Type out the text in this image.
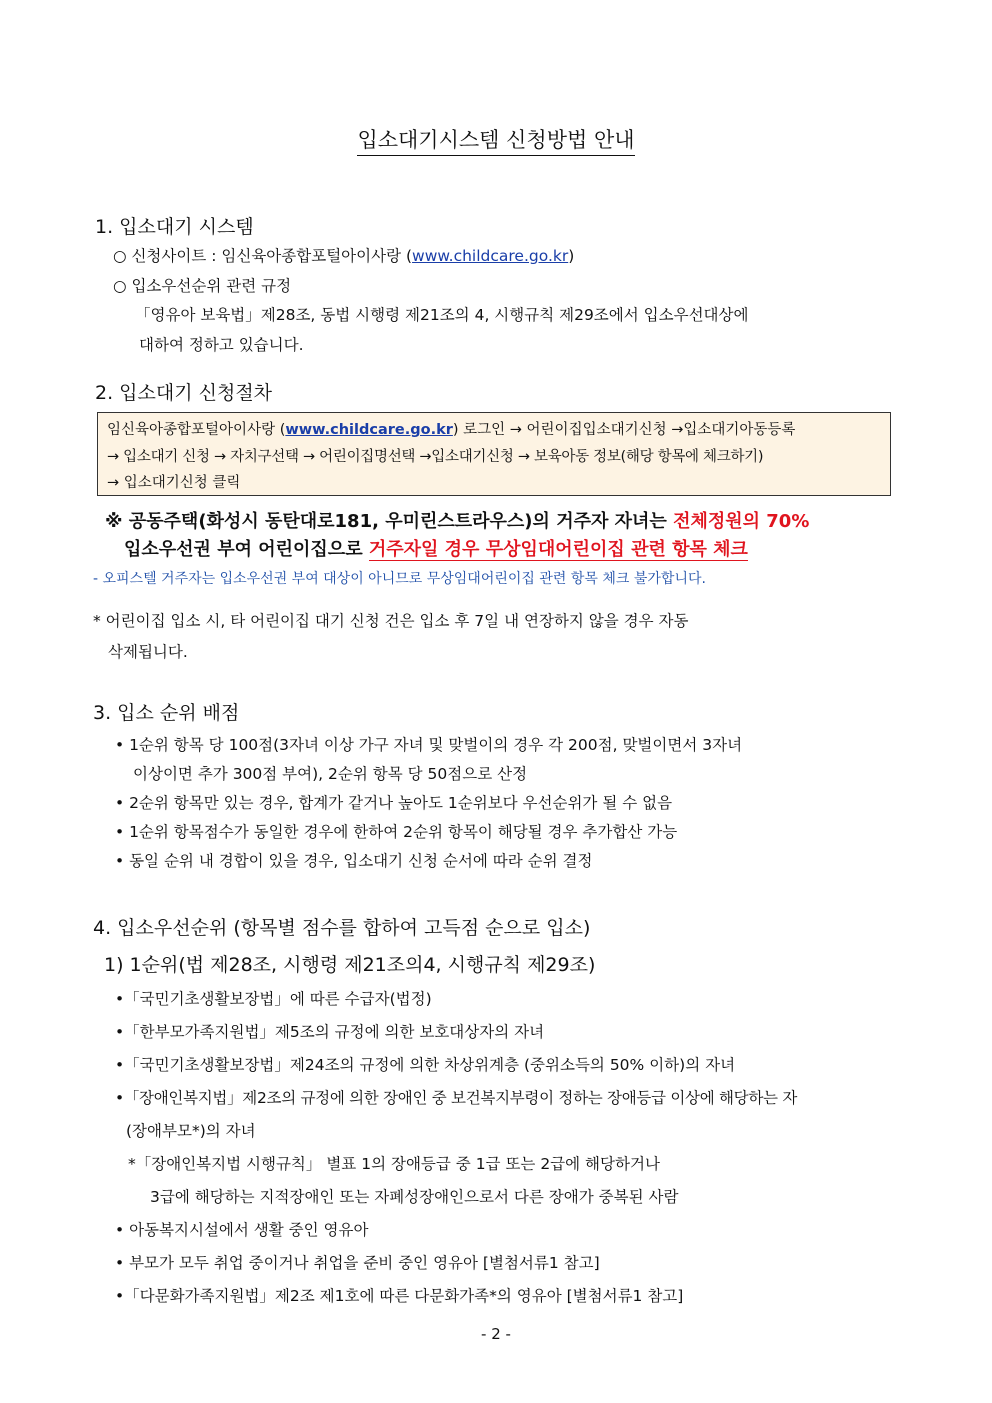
입소대기시스템 신청방법 안내
1. 입소대기 시스템
○ 신청사이트 : 임신육아종합포털아이사랑 (www.childcare.go.kr)
○ 입소우선순위 관련 규정
「영유아 보육법」제28조, 동법 시행령 제21조의 4, 시행규칙 제29조에서 입소우선대상에
대하여 정하고 있습니다.
2. 입소대기 신청절차
임신육아종합포털아이사랑 (www.childcare.go.kr) 로그인 → 어린이집입소대기신청 →입소대기아동등록
→ 입소대기 신청 → 자치구선택 → 어린이집명선택 →입소대기신청 → 보육아동 정보(해당 항목에 체크하기)
→ 입소대기신청 클릭
※ 공동주택(화성시 동탄대로181, 우미린스트라우스)의 거주자 자녀는 전체정원의 70%
입소우선권 부여 어린이집으로 거주자일 경우 무상임대어린이집 관련 항목 체크
- 오피스텔 거주자는 입소우선권 부여 대상이 아니므로 무상임대어린이집 관련 항목 체크 불가합니다.
* 어린이집 입소 시, 타 어린이집 대기 신청 건은 입소 후 7일 내 연장하지 않을 경우 자동
삭제됩니다.
3. 입소 순위 배점
• 1순위 항목 당 100점(3자녀 이상 가구 자녀 및 맞벌이의 경우 각 200점, 맞벌이면서 3자녀
이상이면 추가 300점 부여), 2순위 항목 당 50점으로 산정
• 2순위 항목만 있는 경우, 합계가 같거나 높아도 1순위보다 우선순위가 될 수 없음
• 1순위 항목점수가 동일한 경우에 한하여 2순위 항목이 해당될 경우 추가합산 가능
• 동일 순위 내 경합이 있을 경우, 입소대기 신청 순서에 따라 순위 결정
4. 입소우선순위 (항목별 점수를 합하여 고득점 순으로 입소)
1) 1순위(법 제28조, 시행령 제21조의4, 시행규칙 제29조)
•「국민기초생활보장법」에 따른 수급자(법정)
•「한부모가족지원법」제5조의 규정에 의한 보호대상자의 자녀
•「국민기초생활보장법」제24조의 규정에 의한 차상위계층 (중위소득의 50% 이하)의 자녀
•「장애인복지법」제2조의 규정에 의한 장애인 중 보건복지부령이 정하는 장애등급 이상에 해당하는 자
(장애부모*)의 자녀
*「장애인복지법 시행규칙」 별표 1의 장애등급 중 1급 또는 2급에 해당하거나
3급에 해당하는 지적장애인 또는 자폐성장애인으로서 다른 장애가 중복된 사람
• 아동복지시설에서 생활 중인 영유아
• 부모가 모두 취업 중이거나 취업을 준비 중인 영유아 [별첨서류1 참고]
•「다문화가족지원법」제2조 제1호에 따른 다문화가족*의 영유아 [별첨서류1 참고]
- 2 -
